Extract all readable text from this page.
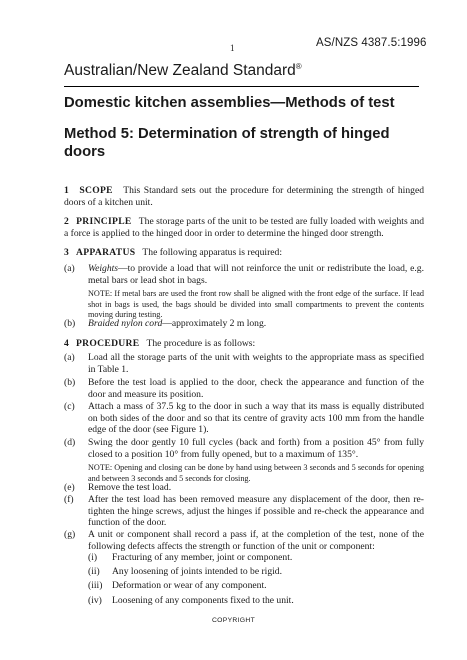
1	AS/NZS 4387.5:1996
Australian/New Zealand Standard®
Domestic kitchen assemblies—Methods of test
Method 5: Determination of strength of hinged doors
1 SCOPE This Standard sets out the procedure for determining the strength of hinged doors of a kitchen unit.
2 PRINCIPLE The storage parts of the unit to be tested are fully loaded with weights and a force is applied to the hinged door in order to determine the hinged door strength.
3 APPARATUS The following apparatus is required:
(a) Weights—to provide a load that will not reinforce the unit or redistribute the load, e.g. metal bars or lead shot in bags.
NOTE: If metal bars are used the front row shall be aligned with the front edge of the surface. If lead shot in bags is used, the bags should be divided into small compartments to prevent the contents moving during testing.
(b) Braided nylon cord—approximately 2 m long.
4 PROCEDURE The procedure is as follows:
(a) Load all the storage parts of the unit with weights to the appropriate mass as specified in Table 1.
(b) Before the test load is applied to the door, check the appearance and function of the door and measure its position.
(c) Attach a mass of 37.5 kg to the door in such a way that its mass is equally distributed on both sides of the door and so that its centre of gravity acts 100 mm from the handle edge of the door (see Figure 1).
(d) Swing the door gently 10 full cycles (back and forth) from a position 45° from fully closed to a position 10° from fully opened, but to a maximum of 135°.
NOTE: Opening and closing can be done by hand using between 3 seconds and 5 seconds for opening and between 3 seconds and 5 seconds for closing.
(e) Remove the test load.
(f) After the test load has been removed measure any displacement of the door, then re-tighten the hinge screws, adjust the hinges if possible and re-check the appearance and function of the door.
(g) A unit or component shall record a pass if, at the completion of the test, none of the following defects affects the strength or function of the unit or component:
(i) Fracturing of any member, joint or component.
(ii) Any loosening of joints intended to be rigid.
(iii) Deformation or wear of any component.
(iv) Loosening of any components fixed to the unit.
COPYRIGHT
